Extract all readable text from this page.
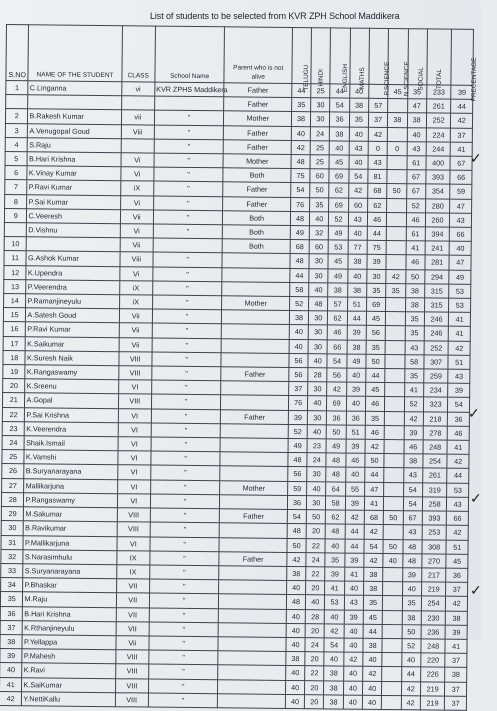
List of students to be selected from KVR ZPH School Maddikera
S.NO	NAME OF THE STUDENT	CLASS	School Name	Parent who is not alive	TELUGU	HINDI	ENGLISH	MATHS	P.SCIENCE	N.SCIENCE	SOCIAL	TOTAL	PRECENTAGE
1	C.Linganna	vi	KVR ZPHS Maddikera	Father	44	25	44	40		45	35	233	39
				Father	35	30	54	38	57		47	261	44
2	B.Rakesh Kumar	vii	"	Mother	38	30	36	35	37	38	38	252	42
3	A.Venugopal Goud	Viii	"	Father	40	24	38	40	42		40	224	37
4	S.Raju		"	Father	42	25	40	43	0	0	43	244	41
5	B.Hari Krishna	Vi	"	Mother	48	25	45	40	43		61	400	67
6	K.Vinay Kumar	Vi	"	Both	75	60	69	54	81		67	393	66
7	P.Ravi Kumar	iX	"	Father	54	50	62	42	68	50	67	354	59
8	P.Sai Kumar	Vi	"	Father	76	35	69	60	62		52	280	47
9	C.Veeresh	Vii	"	Both	48	40	52	43	46		46	260	43
	D.Vishnu	Vi	"	Both	49	32	49	40	44		61	394	66
10		Vii		Both	68	60	53	77	75		41	241	40
11	G.Ashok Kumar	Viii	"		48	30	45	38	39		46	281	47
12	K.Upendra	Vi	"		44	30	49	40	30	42	50	294	49
13	P.Veerendra	iX	"		58	40	38	38	35	35	38	315	53
14	P.Ramanjineyulu	iX	"	Mother	52	48	57	51	69		38	315	53
15	A.Satesh Goud	Vii	"		38	30	62	44	45		35	246	41
16	P.Ravi Kumar	Vii	"		40	30	46	39	56		35	246	41
17	K.Saikumar	Vii	"		40	30	66	38	35		43	252	42
18	K.Suresh Naik	VIII	"		56	40	54	49	50		58	307	51
19	K.Rangaswamy	VIII	"	Father	56	28	56	40	44		35	259	43
20	K.Sreenu	VI	"		37	30	42	39	45		41	234	39
21	A.Gopal	VIII	"		76	40	69	40	46		52	323	54
22	P.Sai Krishna	VI	"	Father	39	30	36	36	35		42	218	36
23	K.Veerendra	VI	"		52	40	50	51	46		39	278	46
24	Shaik.Ismail	VI	"		49	23	49	39	42		46	248	41
25	K.Vamshi	VI	"		48	24	48	46	50		38	254	42
26	B.Suryanarayana	VI	"		56	30	48	40	44		43	261	44
27	Mallikarjuna	VI	"	Mother	59	40	64	55	47		54	319	53
28	P.Rangaswamy	VI	"		36	30	58	39	41		54	258	43
29	M.Sakumar	VIII	"	Father	54	50	62	42	68	50	67	393	66
30	B.Ravikumar	VIII	"		48	20	48	44	42		43	253	42
31	P.Mallikarjuna	VI	"		50	22	40	44	54	50	48	308	51
32	S.Narasimhulu	IX	"	Father	42	24	35	39	42	40	48	270	45
33	S.Suryanarayana	IX	"		38	22	39	41	38		39	217	36
34	P.Bhaskar	VII	"		40	20	41	40	38		40	219	37
35	M.Raju	VII	"		48	40	53	43	35		35	254	42
36	B.Hari Krishna	VII	"		40	28	40	39	45		38	230	38
37	K.Rthanjineyulu	VII	"		40	20	42	40	44		50	236	39
38	P.Yellappa	Vii	"		40	24	54	40	38		52	248	41
39	P.Mahesh	VIII	"		38	20	40	42	40		40	220	37
40	K.Ravi	VIII	"		40	22	38	40	42		44	226	38
41	K.SaiKumar	VIII	"		40	20	38	40	40		42	219	37
42	Y.NettiKallu	VIII	"		40	20	38	40	40		42	219	37
✓
✓
✓
✓
